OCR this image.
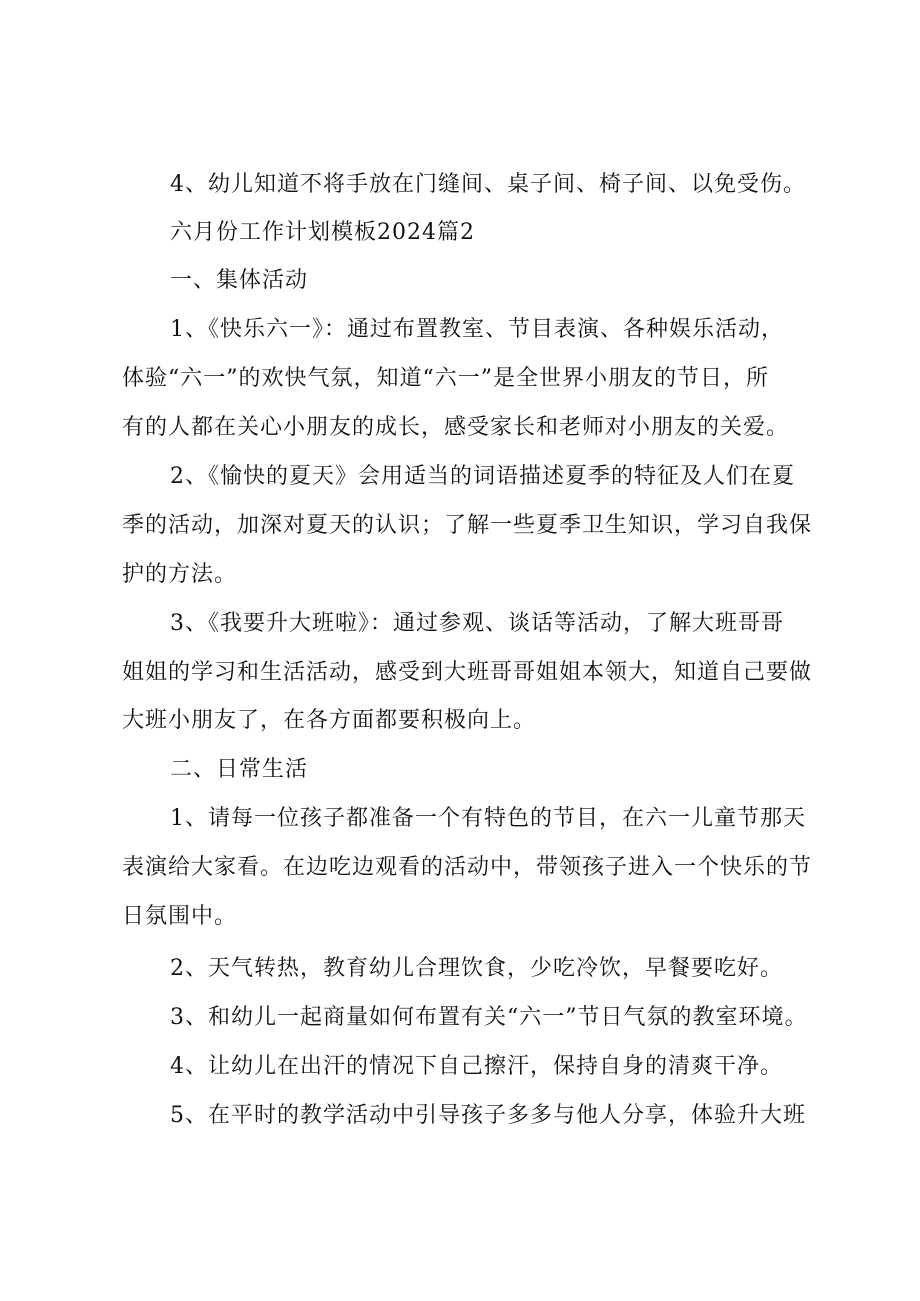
4、幼儿知道不将手放在门缝间、桌子间、椅子间、以免受伤。
六月份工作计划模板2024篇2
一、集体活动
1、《快乐六一》：通过布置教室、节目表演、各种娱乐活动，
体验“六一”的欢快气氛，知道“六一”是全世界小朋友的节日，所
有的人都在关心小朋友的成长，感受家长和老师对小朋友的关爱。
2、《愉快的夏天》会用适当的词语描述夏季的特征及人们在夏
季的活动，加深对夏天的认识；了解一些夏季卫生知识，学习自我保
护的方法。
3、《我要升大班啦》：通过参观、谈话等活动，了解大班哥哥
姐姐的学习和生活活动，感受到大班哥哥姐姐本领大，知道自己要做
大班小朋友了，在各方面都要积极向上。
二、日常生活
1、请每一位孩子都准备一个有特色的节目，在六一儿童节那天
表演给大家看。在边吃边观看的活动中，带领孩子进入一个快乐的节
日氛围中。
2、天气转热，教育幼儿合理饮食，少吃冷饮，早餐要吃好。
3、和幼儿一起商量如何布置有关“六一”节日气氛的教室环境。
4、让幼儿在出汗的情况下自己擦汗，保持自身的清爽干净。
5、在平时的教学活动中引导孩子多多与他人分享，体验升大班
